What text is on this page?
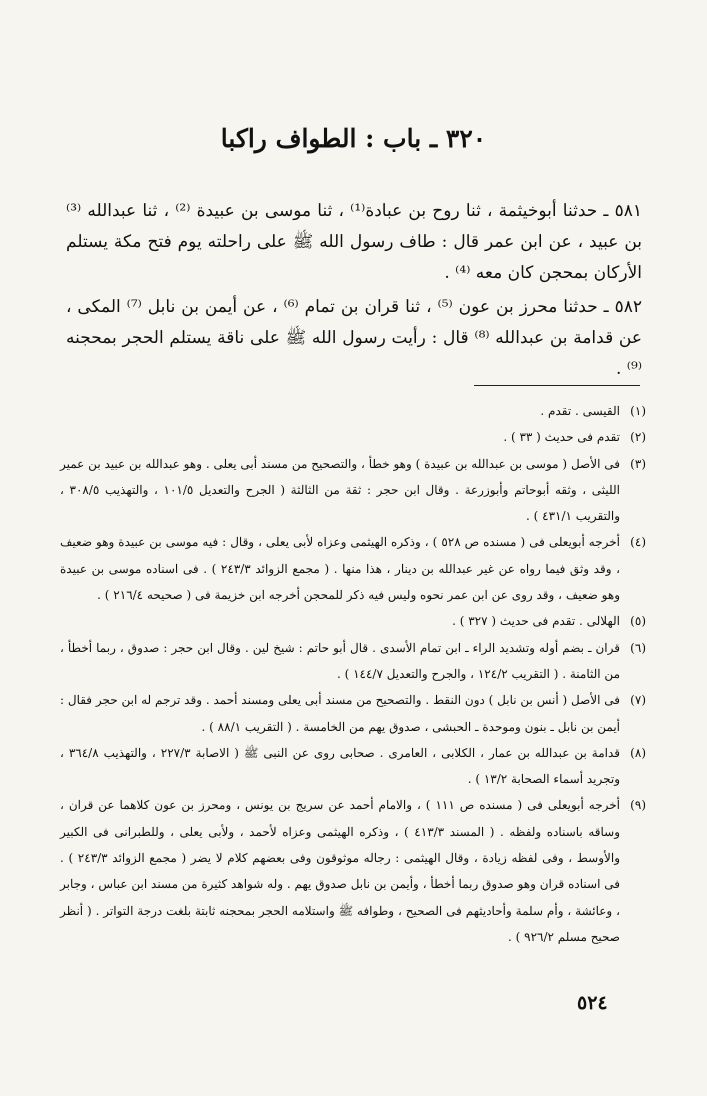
٣٢٠ ـ باب : الطواف راكبا
٥٨١ ـ حدثنا أبوخيثمة ، ثنا روح بن عبادة⁽¹⁾ ، ثنا موسى بن عبيدة ⁽²⁾ ، ثنا عبدالله ⁽³⁾ بن عبيد ، عن ابن عمر قال : طاف رسول الله ﷺ على راحلته يوم فتح مكة يستلم الأركان بمحجن كان معه ⁽⁴⁾ .
٥٨٢ ـ حدثنا محرز بن عون ⁽⁵⁾ ، ثنا قران بن تمام ⁽⁶⁾ ، عن أيمن بن نابل ⁽⁷⁾ المكى ، عن قدامة بن عبدالله ⁽⁸⁾ قال : رأيت رسول الله ﷺ على ناقة يستلم الحجر بمحجنه ⁽⁹⁾ .
(١)
القيسى . تقدم .
(٢)
تقدم فى حديث ( ٣٣ ) .
(٣)
فى الأصل ( موسى بن عبدالله بن عبيدة ) وهو خطأ ، والتصحيح من مسند أبى يعلى . وهو عبدالله بن عبيد بن عمير الليثى ، وثقه أبوحاتم وأبوزرعة . وقال ابن حجر : ثقة من الثالثة ( الجرح والتعديل ١٠١/٥ ، والتهذيب ٣٠٨/٥ ، والتقريب ٤٣١/١ ) .
(٤)
أخرجه أبويعلى فى ( مسنده ص ٥٢٨ ) ، وذكره الهيثمى وعزاه لأبى يعلى ، وقال : فيه موسى بن عبيدة وهو ضعيف ، وقد وثق فيما رواه عن غير عبدالله بن دينار ، هذا منها . ( مجمع الزوائد ٢٤٣/٣ ) . فى اسناده موسى بن عبيدة وهو ضعيف ، وقد روى عن ابن عمر نحوه وليس فيه ذكر للمحجن أخرجه ابن خزيمة فى ( صحيحه ٢١٦/٤ ) .
(٥)
الهلالى . تقدم فى حديث ( ٣٢٧ ) .
(٦)
قران ـ بضم أوله وتشديد الراء ـ ابن تمام الأسدى . قال أبو حاتم : شيخ لين . وقال ابن حجر : صدوق ، ربما أخطأ ، من الثامنة . ( التقريب ١٢٤/٢ ، والجرح والتعديل ١٤٤/٧ ) .
(٧)
فى الأصل ( أنس بن نابل ) دون النقط . والتصحيح من مسند أبى يعلى ومسند أحمد . وقد ترجم له ابن حجر فقال : أيمن بن نابل ـ بنون وموحدة ـ الحبشى ، صدوق يهم من الخامسة . ( التقريب ٨٨/١ ) .
(٨)
قدامة بن عبدالله بن عمار ، الكلابى ، العامرى . صحابى روى عن النبى ﷺ ( الاصابة ٢٢٧/٣ ، والتهذيب ٣٦٤/٨ ، وتجريد أسماء الصحابة ١٣/٢ ) .
(٩)
أخرجه أبويعلى فى ( مسنده ص ١١١ ) ، والامام أحمد عن سريج بن يونس ، ومحرز بن عون كلاهما عن قران ، وساقه باسناده ولفظه . ( المسند ٤١٣/٣ ) ، وذكره الهيثمى وعزاه لأحمد ، ولأبى يعلى ، وللطبرانى فى الكبير والأوسط ، وفى لفظه زيادة ، وقال الهيثمى : رجاله موثوقون وفى بعضهم كلام لا يضر ( مجمع الزوائد ٢٤٣/٣ ) . فى اسناده قران وهو صدوق ربما أخطأ ، وأيمن بن نابل صدوق يهم . وله شواهد كثيرة من مسند ابن عباس ، وجابر ، وعائشة ، وأم سلمة وأحاديثهم فى الصحيح ، وطوافه ﷺ واستلامه الحجر بمحجنه ثابتة بلغت درجة التواتر . ( أنظر صحيح مسلم ٩٢٦/٢ ) .
٥٢٤
